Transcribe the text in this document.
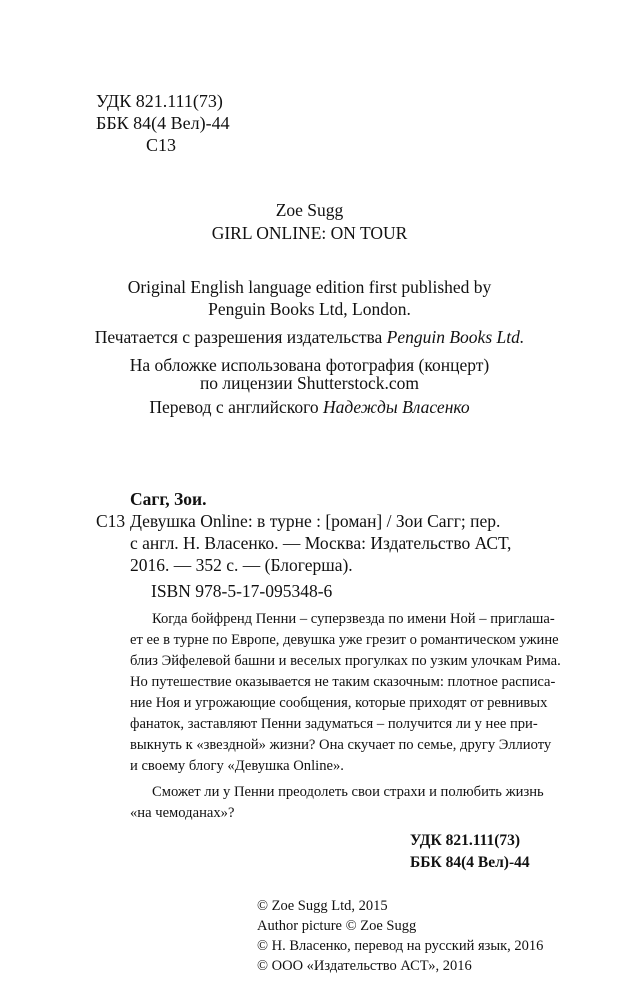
УДК 821.111(73)
ББК 84(4 Вел)-44
С13
Zoe Sugg
GIRL ONLINE: ON TOUR
Original English language edition first published by
Penguin Books Ltd, London.
Печатается с разрешения издательства Penguin Books Ltd.
На обложке использована фотография (концерт)
по лицензии Shutterstock.com
Перевод с английского Надежды Власенко
Сагг, Зои.
С13 Девушка Online: в турне : [роман] / Зои Сагг; пер.
с англ. Н. Власенко. — Москва: Издательство АСТ,
2016. — 352 с. — (Блогерша).
ISBN 978-5-17-095348-6
Когда бойфренд Пенни – суперзвезда по имени Ной – приглаша-
ет ее в турне по Европе, девушка уже грезит о романтическом ужине
близ Эйфелевой башни и веселых прогулках по узким улочкам Рима.
Но путешествие оказывается не таким сказочным: плотное расписа-
ние Ноя и угрожающие сообщения, которые приходят от ревнивых
фанаток, заставляют Пенни задуматься – получится ли у нее при-
выкнуть к «звездной» жизни? Она скучает по семье, другу Эллиоту
и своему блогу «Девушка Online».
Сможет ли у Пенни преодолеть свои страхи и полюбить жизнь
«на чемоданах»?
УДК 821.111(73)
ББК 84(4 Вел)-44
© Zoe Sugg Ltd, 2015
Author picture © Zoe Sugg
© Н. Власенко, перевод на русский язык, 2016
© ООО «Издательство АСТ», 2016
